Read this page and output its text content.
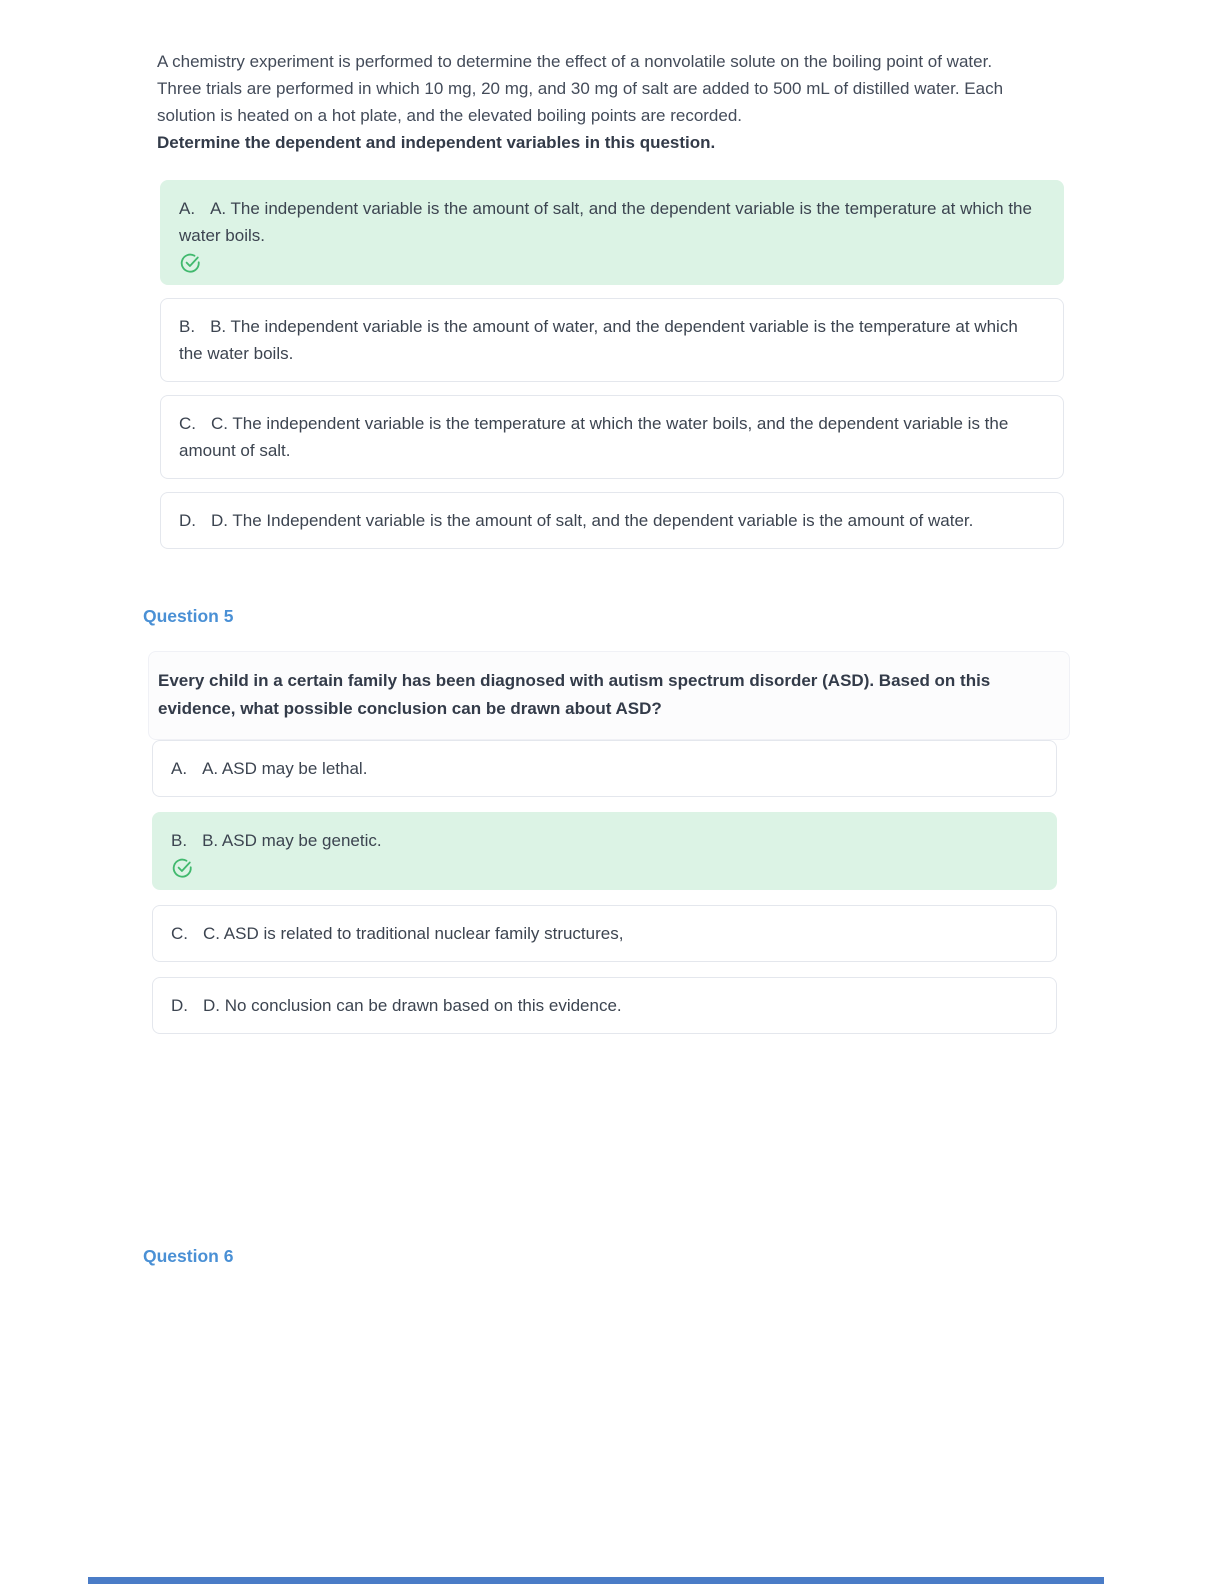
A chemistry experiment is performed to determine the effect of a nonvolatile solute on the boiling point of water. Three trials are performed in which 10 mg, 20 mg, and 30 mg of salt are added to 500 mL of distilled water. Each solution is heated on a hot plate, and the elevated boiling points are recorded.
Determine the dependent and independent variables in this question.

A. A. The independent variable is the amount of salt, and the dependent variable is the temperature at which the water boils.

B. B. The independent variable is the amount of water, and the dependent variable is the temperature at which the water boils.

C. C. The independent variable is the temperature at which the water boils, and the dependent variable is the amount of salt.

D. D. The Independent variable is the amount of salt, and the dependent variable is the amount of water.

Question 5
Every child in a certain family has been diagnosed with autism spectrum disorder (ASD). Based on this evidence, what possible conclusion can be drawn about ASD?

A. A. ASD may be lethal.

B. B. ASD may be genetic.

C. C. ASD is related to traditional nuclear family structures,

D. D. No conclusion can be drawn based on this evidence.

Question 6
